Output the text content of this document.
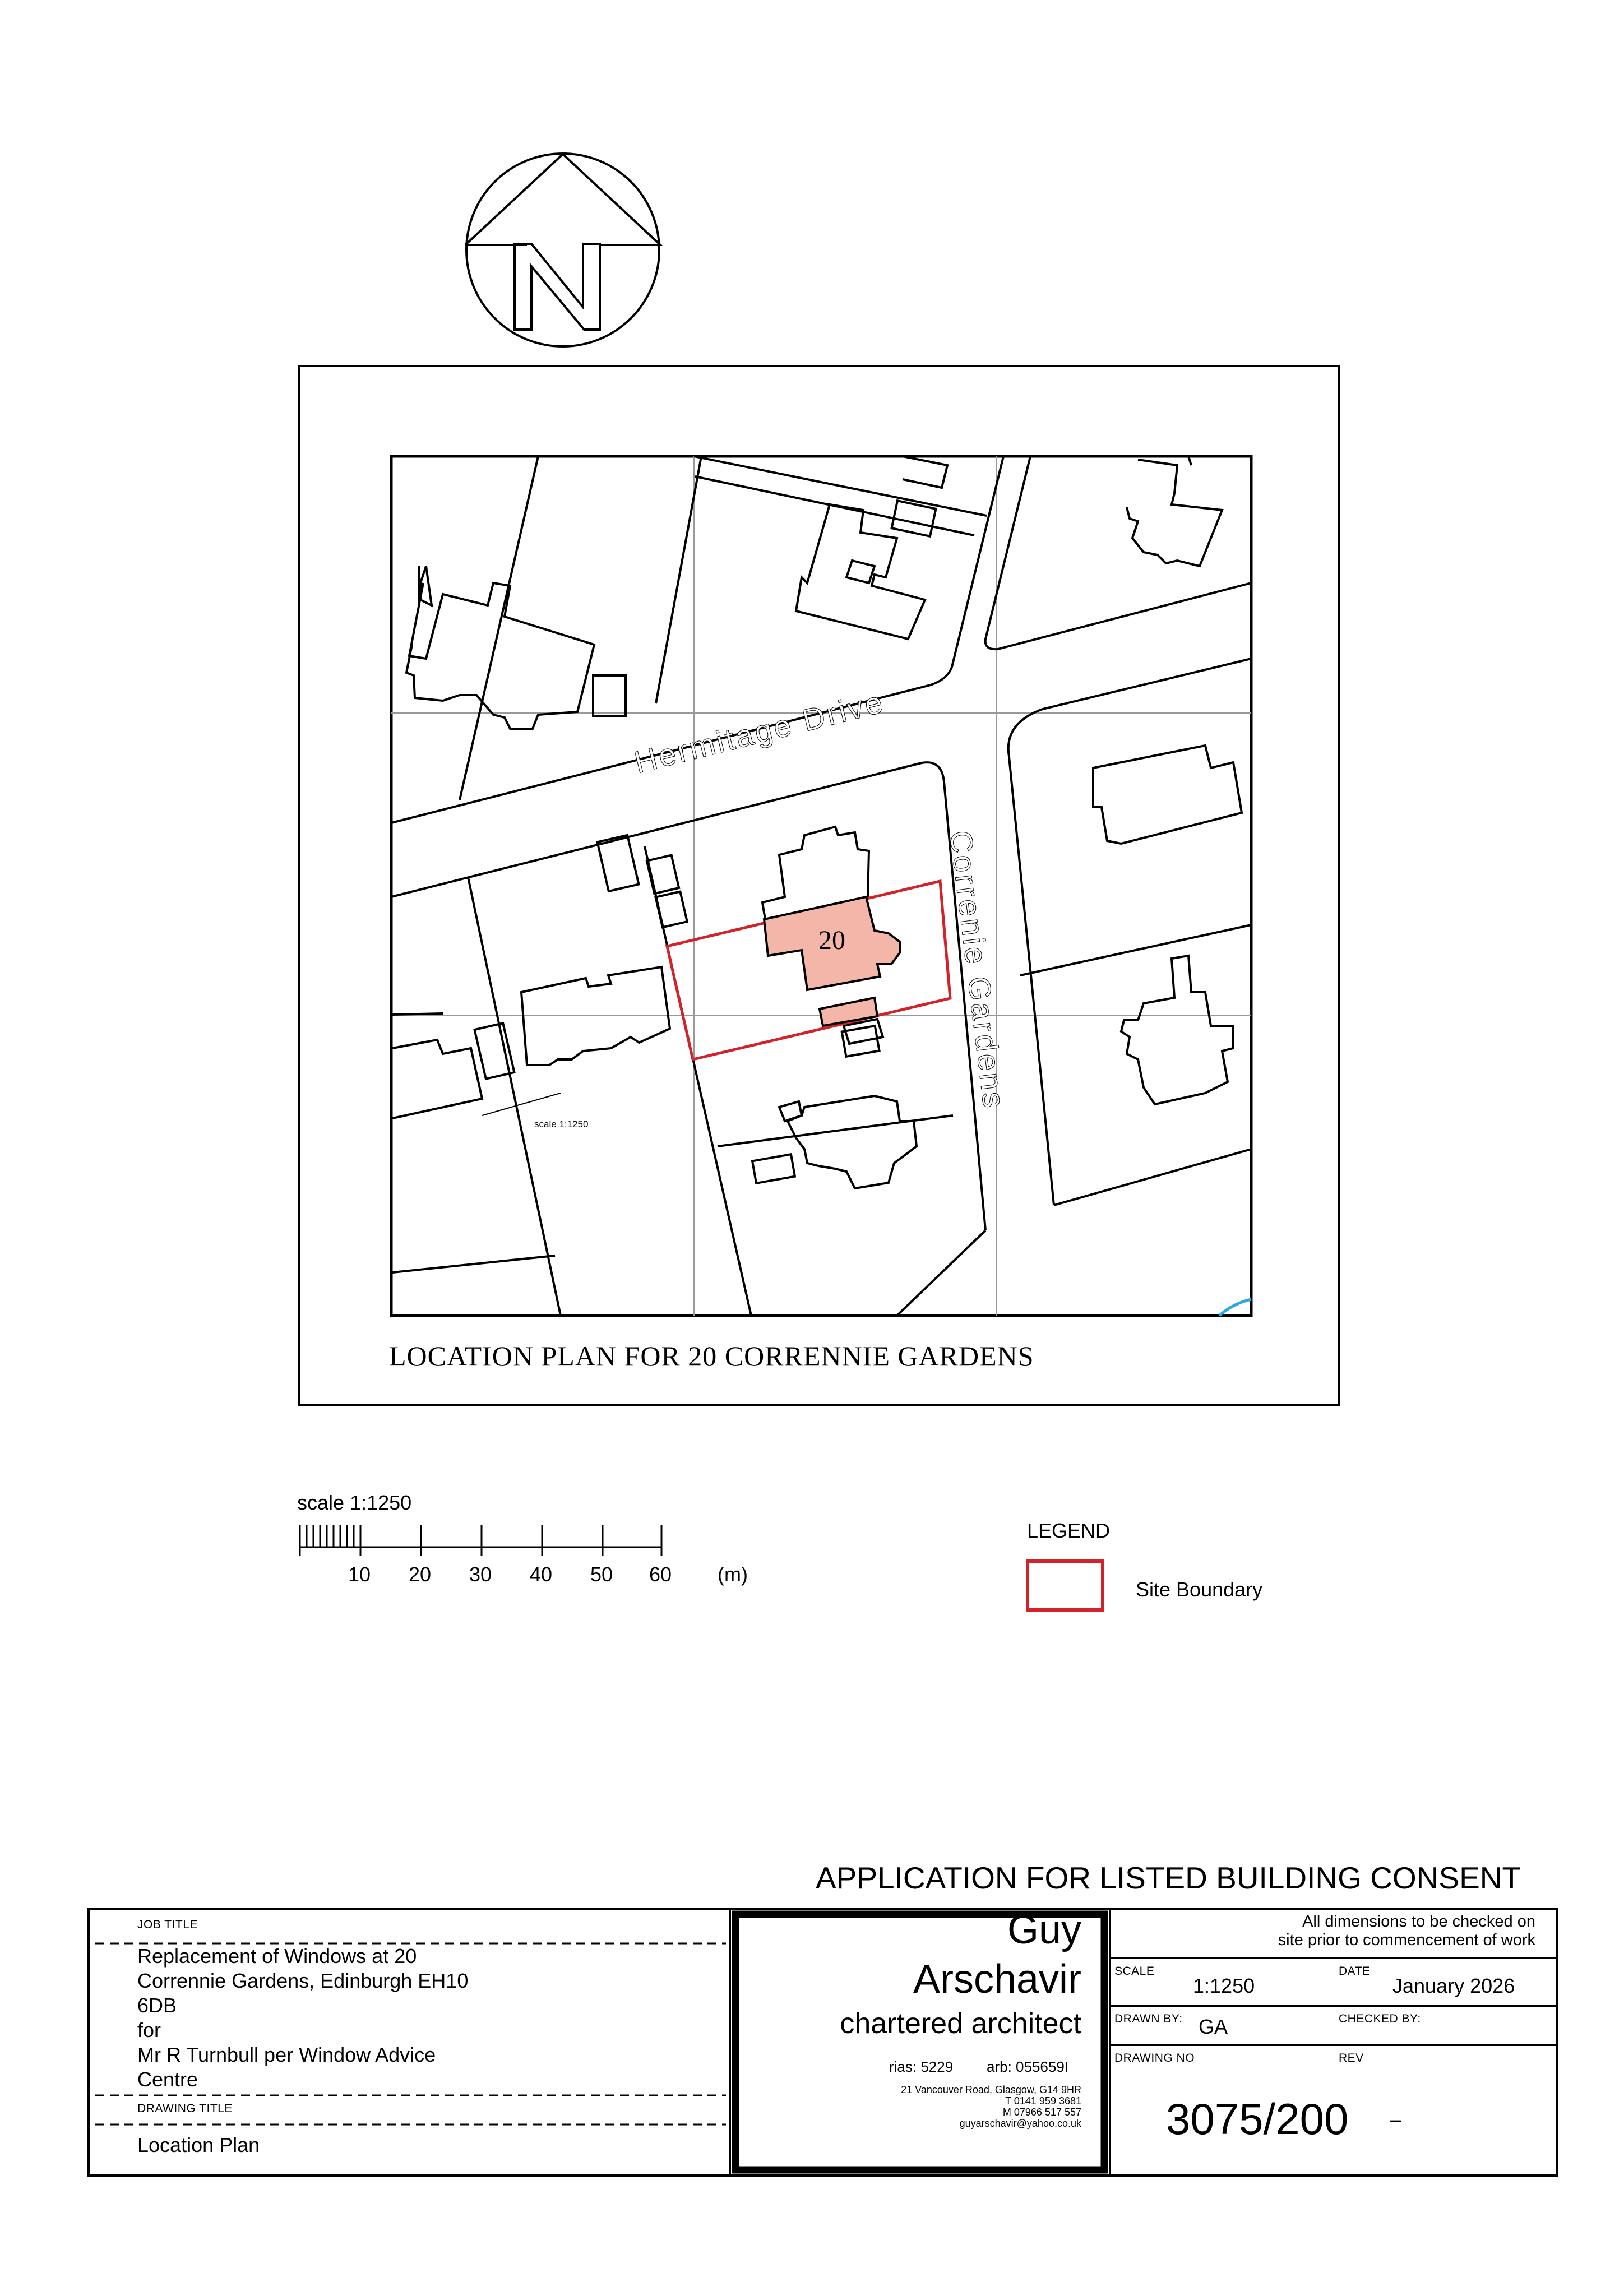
Hermitage Drive
Correnie Gardens
20
scale 1:1250
LOCATION PLAN FOR 20 CORRENNIE GARDENS
scale 1:1250
10 20 30 40 50 60 (m)
LEGEND
Site Boundary
APPLICATION FOR LISTED BUILDING CONSENT
JOB TITLE
Replacement of Windows at 20
Corrennie Gardens, Edinburgh EH10
6DB
for
Mr R Turnbull per Window Advice
Centre
DRAWING TITLE
Location Plan
Guy
Arschavir
chartered architect
rias: 5229 arb: 055659I
21 Vancouver Road, Glasgow, G14 9HR
T 0141 959 3681
M 07966 517 557
guyarschavir@yahoo.co.uk
All dimensions to be checked on
site prior to commencement of work
SCALE
1:1250
DATE
January 2026
DRAWN BY: GA	CHECKED BY:
DRAWING NO
3075/200
REV
–
